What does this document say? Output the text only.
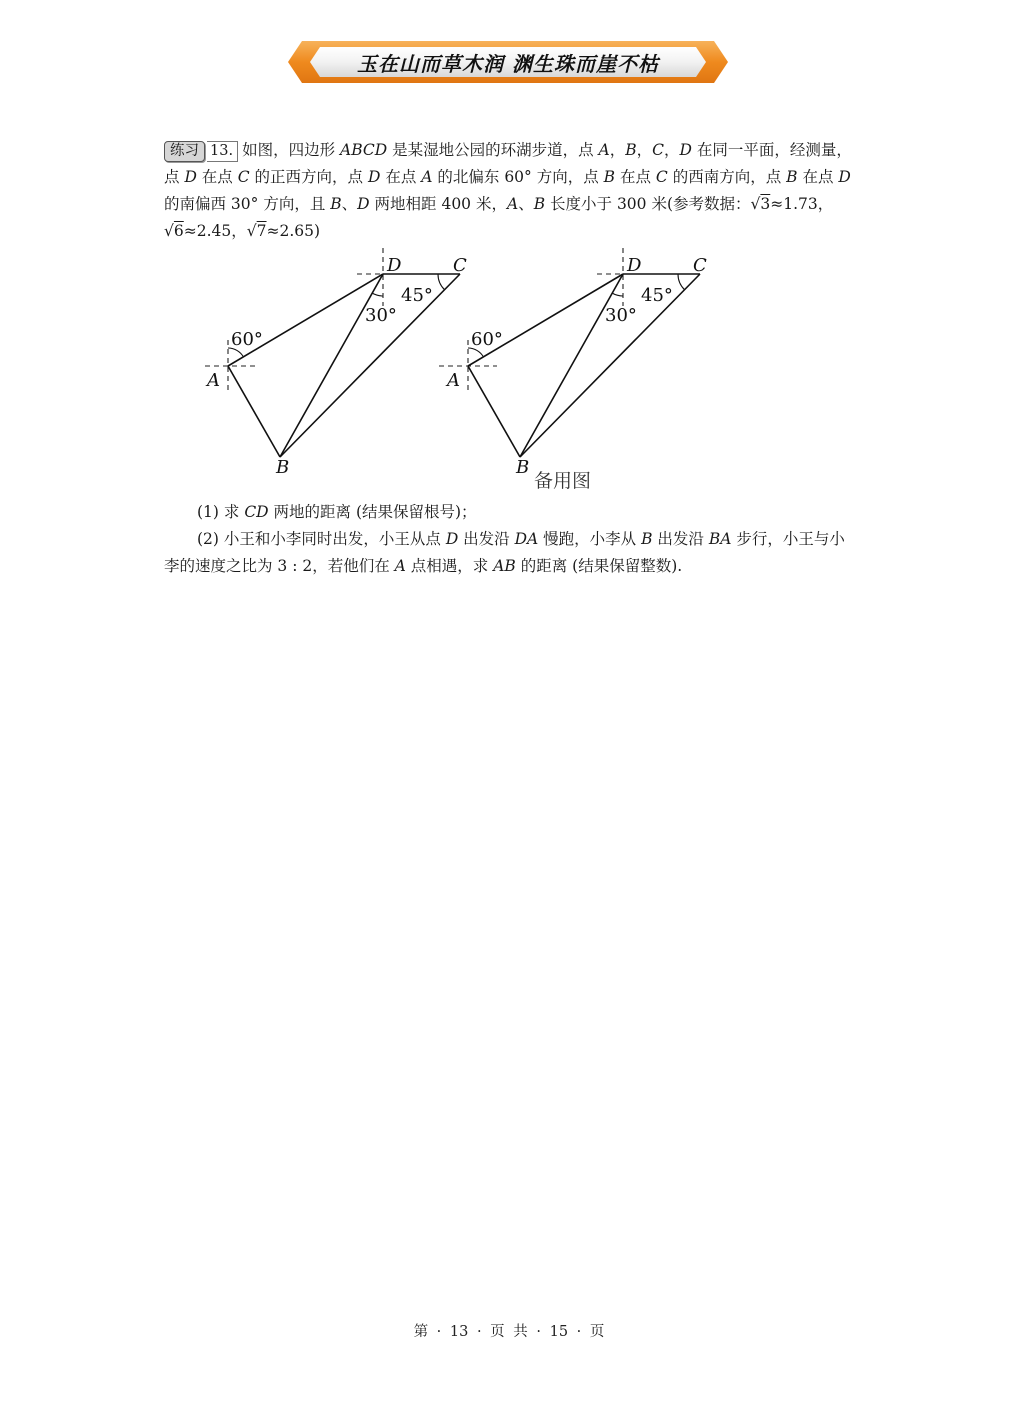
玉在山而草木润 渊生珠而崖不枯
练习 13. 如图，四边形 ABCD 是某湿地公园的环湖步道，点 A，B，C，D 在同一平面，经测量，点 D 在点 C 的正西方向，点 D 在点 A 的北偏东 60° 方向，点 B 在点 C 的西南方向，点 B 在点 D 的南偏西 30° 方向，且 B、D 两地相距 400 米，A、B 长度小于 300 米(参考数据：√3≈1.73，√6≈2.45，√7≈2.65)
60°
30°
45°
D	C
A
B
60°
30°
45°
D	C
A
B
备用图
(1) 求 CD 两地的距离 (结果保留根号)；
(2) 小王和小李同时出发，小王从点 D 出发沿 DA 慢跑，小李从 B 出发沿 BA 步行，小王与小李的速度之比为 3 : 2，若他们在 A 点相遇，求 AB 的距离 (结果保留整数).
第 · 13 · 页 共 · 15 · 页
